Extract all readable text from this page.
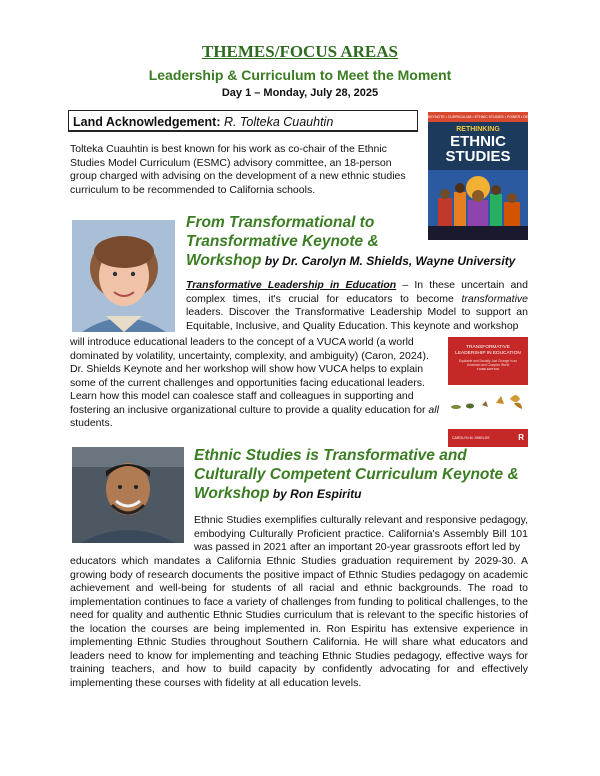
THEMES/FOCUS AREAS
Leadership & Curriculum to Meet the Moment
Day 1 – Monday, July 28, 2025
Land Acknowledgement: R. Tolteka Cuauhtin
Tolteka Cuauhtin is best known for his work as co-chair of the Ethnic Studies Model Curriculum (ESMC) advisory committee, an 18-person group charged with advising on the development of a new ethnic studies curriculum to be recommended to California schools.
KEYNOTE • CURRICULUM • ETHNIC STUDIES • POWER • DECOLONIAL
RETHINKING
ETHNIC
STUDIES
From Transformational to
Transformative Keynote &
Workshop by Dr. Carolyn M. Shields, Wayne University
Transformative Leadership in Education – In these uncertain and complex times, it's crucial for educators to become transformative leaders. Discover the Transformative Leadership Model to support an Equitable, Inclusive, and Quality Education. This keynote and workshop
will introduce educational leaders to the concept of a VUCA world (a world dominated by volatility, uncertainty, complexity, and ambiguity) (Caron, 2024). Dr. Shields Keynote and her workshop will show how VUCA helps to explain some of the current challenges and opportunities facing educational leaders. Learn how this model can coalesce staff and colleagues in supporting and fostering an inclusive organizational culture to provide a quality education for all students.
TRANSFORMATIVE
LEADERSHIP IN EDUCATION
Equitable and Socially Just Change in an Uncertain and Complex World
THIRD EDITION
CAROLYN M. SHIELDS	R
Ethnic Studies is Transformative and
Culturally Competent Curriculum Keynote &
Workshop by Ron Espiritu
Ethnic Studies exemplifies culturally relevant and responsive pedagogy, embodying Culturally Proficient practice. California's Assembly Bill 101 was passed in 2021 after an important 20-year grassroots effort led by
educators which mandates a California Ethnic Studies graduation requirement by 2029-30. A growing body of research documents the positive impact of Ethnic Studies pedagogy on academic achievement and well-being for students of all racial and ethnic backgrounds. The road to implementation continues to face a variety of challenges from funding to political challenges, to the need for quality and authentic Ethnic Studies curriculum that is relevant to the specific histories of the location the courses are being implemented in. Ron Espiritu has extensive experience in implementing Ethnic Studies throughout Southern California. He will share what educators and leaders need to know for implementing and teaching Ethnic Studies pedagogy, effective ways for training teachers, and how to build capacity by confidently advocating for and effectively implementing these courses with fidelity at all education levels.
